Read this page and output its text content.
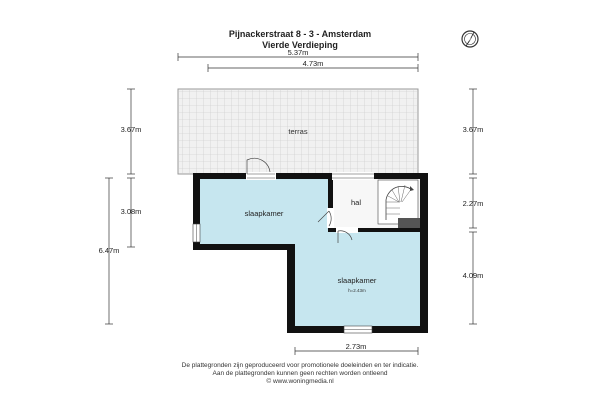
Pijnackerstraat 8 - 3 - Amsterdam
Vierde Verdieping
N
5.37m
4.73m
3.67m
3.08m
6.47m
3.67m
2.27m
4.09m
2.73m
terras
slaapkamer
hal
slaapkamer
h=2.43m
De plattegronden zijn geproduceerd voor promotionele doeleinden en ter indicatie.
Aan de plattegronden kunnen geen rechten worden ontleend
© www.woningmedia.nl
